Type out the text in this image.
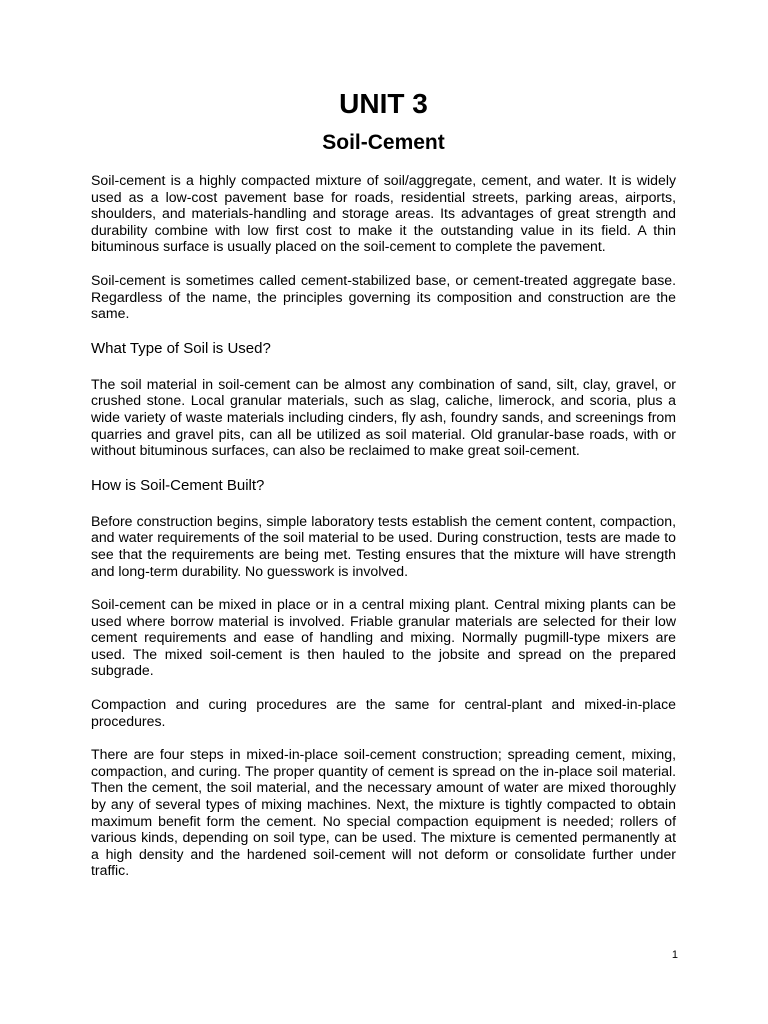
UNIT 3
Soil-Cement

Soil-cement is a highly compacted mixture of soil/aggregate, cement, and water. It is widely used as a low-cost pavement base for roads, residential streets, parking areas, airports, shoulders, and materials-handling and storage areas. Its advantages of great strength and durability combine with low first cost to make it the outstanding value in its field. A thin bituminous surface is usually placed on the soil-cement to complete the pavement.

Soil-cement is sometimes called cement-stabilized base, or cement-treated aggregate base. Regardless of the name, the principles governing its composition and construction are the same.

What Type of Soil is Used?

The soil material in soil-cement can be almost any combination of sand, silt, clay, gravel, or crushed stone. Local granular materials, such as slag, caliche, limerock, and scoria, plus a wide variety of waste materials including cinders, fly ash, foundry sands, and screenings from quarries and gravel pits, can all be utilized as soil material. Old granular-base roads, with or without bituminous surfaces, can also be reclaimed to make great soil-cement.

How is Soil-Cement Built?

Before construction begins, simple laboratory tests establish the cement content, compaction, and water requirements of the soil material to be used. During construction, tests are made to see that the requirements are being met. Testing ensures that the mixture will have strength and long-term durability. No guesswork is involved.

Soil-cement can be mixed in place or in a central mixing plant. Central mixing plants can be used where borrow material is involved. Friable granular materials are selected for their low cement requirements and ease of handling and mixing. Normally pugmill-type mixers are used. The mixed soil-cement is then hauled to the jobsite and spread on the prepared subgrade.

Compaction and curing procedures are the same for central-plant and mixed-in-place procedures.

There are four steps in mixed-in-place soil-cement construction; spreading cement, mixing, compaction, and curing. The proper quantity of cement is spread on the in-place soil material. Then the cement, the soil material, and the necessary amount of water are mixed thoroughly by any of several types of mixing machines. Next, the mixture is tightly compacted to obtain maximum benefit form the cement. No special compaction equipment is needed; rollers of various kinds, depending on soil type, can be used. The mixture is cemented permanently at a high density and the hardened soil-cement will not deform or consolidate further under traffic.

1
